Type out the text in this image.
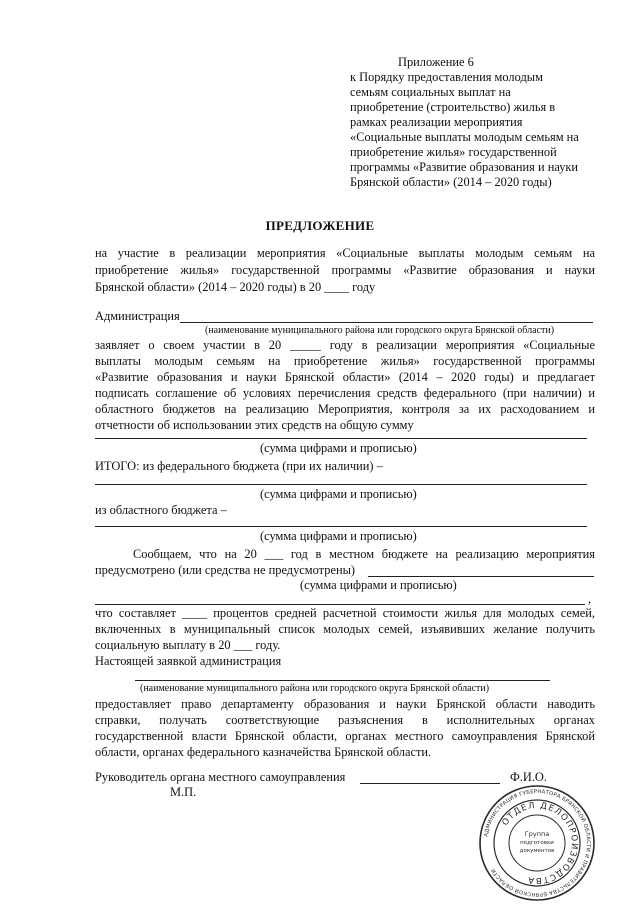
Приложение 6
к Порядку предоставления молодым
семьям социальных выплат на
приобретение (строительство) жилья в
рамках реализации мероприятия
«Социальные выплаты молодым семьям на
приобретение жилья» государственной
программы «Развитие образования и науки
Брянской области» (2014 – 2020 годы)
ПРЕДЛОЖЕНИЕ
на участие в реализации мероприятия «Социальные выплаты молодым семьям на
приобретение жилья» государственной программы «Развитие образования и науки
Брянской области» (2014 – 2020 годы) в 20 ____ году
Администрация
(наименование муниципального района или городского округа Брянской области)
заявляет о своем участии в 20 _____ году в реализации мероприятия «Социальные
выплаты молодым семьям на приобретение жилья» государственной программы
«Развитие образования и науки Брянской области» (2014 – 2020 годы) и предлагает
подписать соглашение об условиях перечисления средств федерального (при наличии) и
областного бюджетов на реализацию Мероприятия, контроля за их расходованием и
отчетности об использовании этих средств на общую сумму
(сумма цифрами и прописью)
ИТОГО: из федерального бюджета (при их наличии) –
(сумма цифрами и прописью)
из областного бюджета –
(сумма цифрами и прописью)
Сообщаем, что на 20 ___ год в местном бюджете на реализацию мероприятия
предусмотрено (или средства не предусмотрены)
(сумма цифрами и прописью)
,
что составляет ____ процентов средней расчетной стоимости жилья для молодых семей,
включенных в муниципальный список молодых семей, изъявивших желание получить
социальную выплату в 20 ___ году.
Настоящей заявкой администрация
(наименование муниципального района или городского округа Брянской области)
предоставляет право департаменту образования и науки Брянской области наводить
справки, получать соответствующие разъяснения в исполнительных органах
государственной власти Брянской области, органах местного самоуправления Брянской
области, органах федерального казначейства Брянской области.
Руководитель органа местного самоуправления	Ф.И.О.
М.П.
АДМИНИСТРАЦИЯ ГУБЕРНАТОРА БРЯНСКОЙ ОБЛАСТИ И ПРАВИТЕЛЬСТВА БРЯНСКОЙ ОБЛАСТИ
ОТДЕЛ ДЕЛОПРОИЗВОДСТВА
Группа
подготовки
документов
